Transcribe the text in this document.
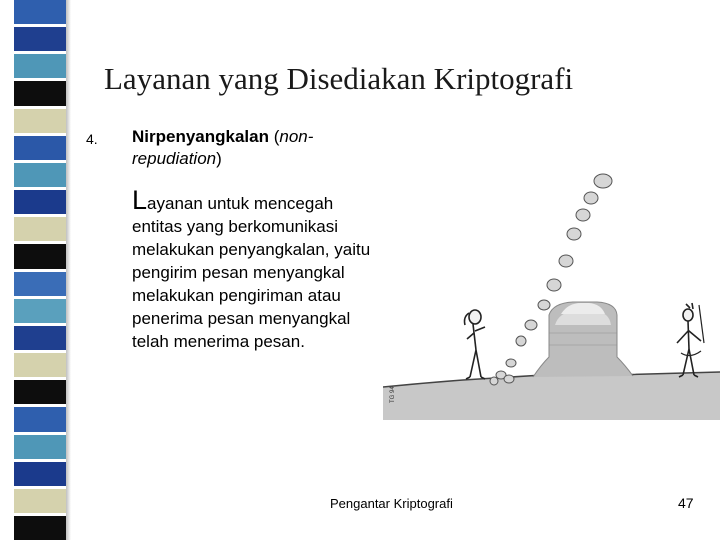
Layanan yang Disediakan Kriptografi
4. Nirpenyangkalan (non-repudiation)
Layanan untuk mencegah entitas yang berkomunikasi melakukan penyangkalan, yaitu pengirim pesan menyangkal melakukan pengiriman atau penerima pesan menyangkal telah menerima pesan.
TG 94
Pengantar Kriptografi	47
